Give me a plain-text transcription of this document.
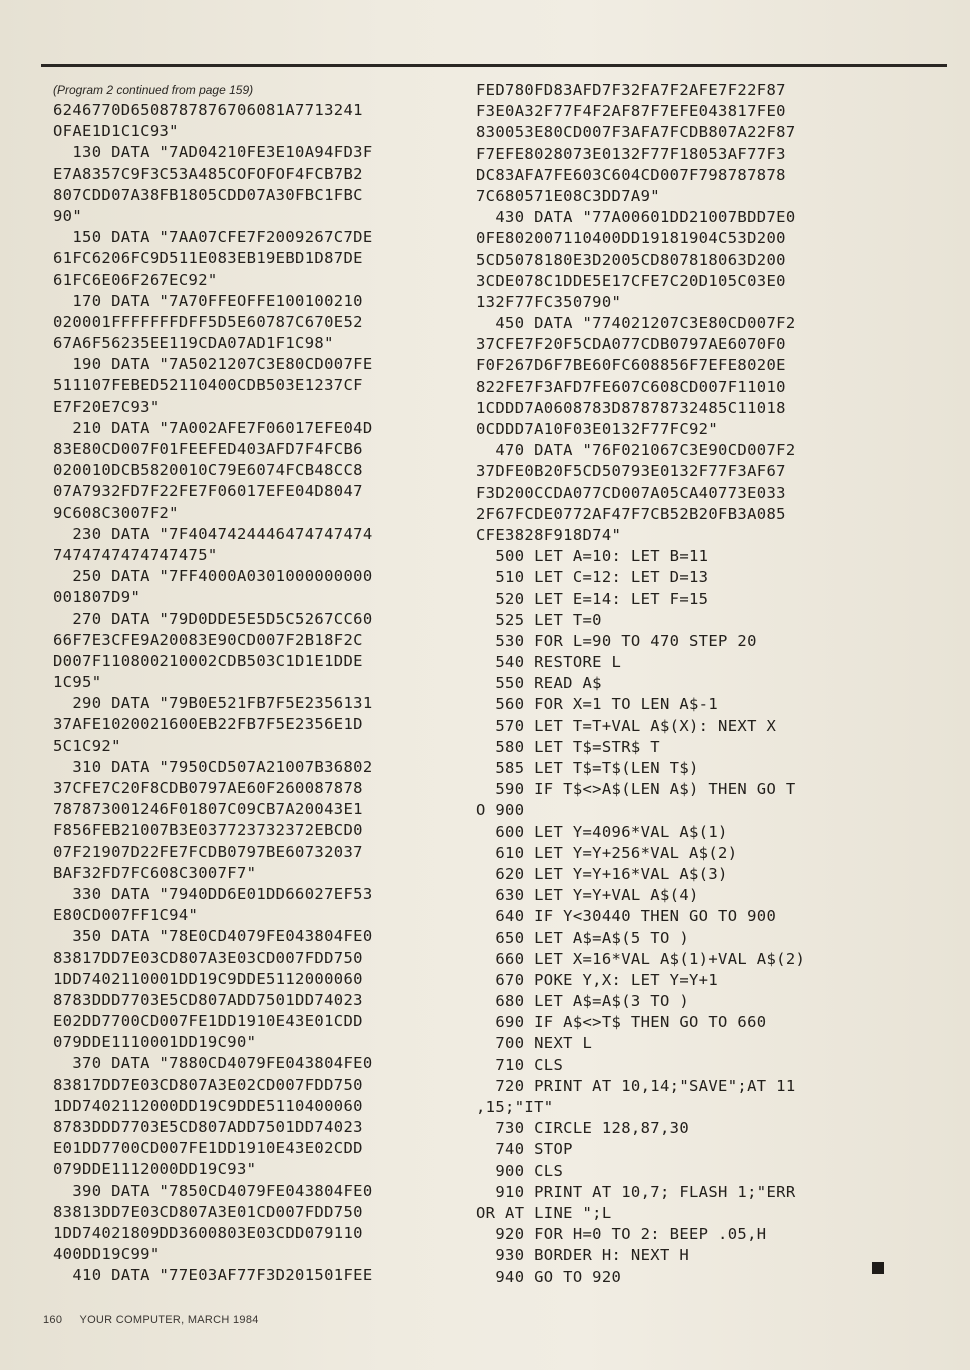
(Program 2 continued from page 159)
6246770D6508787876706081A7713241
OFAE1D1C1C93"
130 DATA "7AD04210FE3E10A94FD3F
E7A8357C9F3C53A485COFOFOF4FCB7B2
807CDD07A38FB1805CDD07A30FBC1FBC
90"
150 DATA "7AA07CFE7F2009267C7DE
61FC6206FC9D511E083EB19EBD1D87DE
61FC6E06F267EC92"
170 DATA "7A70FFEOFFE100100210
020001FFFFFFFDFF5D5E60787C670E52
67A6F56235EE119CDA07AD1F1C98"
190 DATA "7A5021207C3E80CD007FE
511107FEBED52110400CDB503E1237CF
E7F20E7C93"
210 DATA "7A002AFE7F06017EFE04D
83E80CD007F01FEEFED403AFD7F4FCB6
020010DCB5820010C79E6074FCB48CC8
07A7932FD7F22FE7F06017EFE04D8047
9C608C3007F2"
230 DATA "7F4047424446474747474
7474747474747475"
250 DATA "7FF4000A0301000000000
001807D9"
270 DATA "79D0DDE5E5D5C5267CC60
66F7E3CFE9A20083E90CD007F2B18F2C
D007F110800210002CDB503C1D1E1DDE
1C95"
290 DATA "79B0E521FB7F5E2356131
37AFE1020021600EB22FB7F5E2356E1D
5C1C92"
310 DATA "7950CD507A21007B36802
37CFE7C20F8CDB0797AE60F260087878
787873001246F01807C09CB7A20043E1
F856FEB21007B3E037723732372EBCD0
07F21907D22FE7FCDB0797BE60732037
BAF32FD7FC608C3007F7"
330 DATA "7940DD6E01DD66027EF53
E80CD007FF1C94"
350 DATA "78E0CD4079FE043804FE0
83817DD7E03CD807A3E03CD007FDD750
1DD7402110001DD19C9DDE5112000060
8783DDD7703E5CD807ADD7501DD74023
E02DD7700CD007FE1DD1910E43E01CDD
079DDE1110001DD19C90"
370 DATA "7880CD4079FE043804FE0
83817DD7E03CD807A3E02CD007FDD750
1DD7402112000DD19C9DDE5110400060
8783DDD7703E5CD807ADD7501DD74023
E01DD7700CD007FE1DD1910E43E02CDD
079DDE1112000DD19C93"
390 DATA "7850CD4079FE043804FE0
83813DD7E03CD807A3E01CD007FDD750
1DD74021809DD3600803E03CDD079110
400DD19C99"
410 DATA "77E03AF77F3D201501FEE
FED780FD83AFD7F32FA7F2AFE7F22F87
F3E0A32F77F4F2AF87F7EFE043817FE0
830053E80CD007F3AFA7FCDB807A22F87
F7EFE8028073E0132F77F18053AF77F3
DC83AFA7FE603C604CD007F798787878
7C680571E08C3DD7A9"
430 DATA "77A00601DD21007BDD7E0
0FE802007110400DD19181904C53D200
5CD5078180E3D2005CD807818063D200
3CDE078C1DDE5E17CFE7C20D105C03E0
132F77FC350790"
450 DATA "774021207C3E80CD007F2
37CFE7F20F5CDA077CDB0797AE6070F0
F0F267D6F7BE60FC608856F7EFE8020E
822FE7F3AFD7FE607C608CD007F11010
1CDDD7A0608783D87878732485C11018
0CDDD7A10F03E0132F77FC92"
470 DATA "76F021067C3E90CD007F2
37DFE0B20F5CD50793E0132F77F3AF67
F3D200CCDA077CD007A05CA40773E033
2F67FCDE0772AF47F7CB52B20FB3A085
CFE3828F918D74"
500 LET A=10: LET B=11
510 LET C=12: LET D=13
520 LET E=14: LET F=15
525 LET T=0
530 FOR L=90 TO 470 STEP 20
540 RESTORE L
550 READ A$
560 FOR X=1 TO LEN A$-1
570 LET T=T+VAL A$(X): NEXT X
580 LET T$=STR$ T
585 LET T$=T$(LEN T$)
590 IF T$<>A$(LEN A$) THEN GO T
O 900
600 LET Y=4096*VAL A$(1)
610 LET Y=Y+256*VAL A$(2)
620 LET Y=Y+16*VAL A$(3)
630 LET Y=Y+VAL A$(4)
640 IF Y<30440 THEN GO TO 900
650 LET A$=A$(5 TO )
660 LET X=16*VAL A$(1)+VAL A$(2)
670 POKE Y,X: LET Y=Y+1
680 LET A$=A$(3 TO )
690 IF A$<>T$ THEN GO TO 660
700 NEXT L
710 CLS
720 PRINT AT 10,14;"SAVE";AT 11
,15;"IT"
730 CIRCLE 128,87,30
740 STOP
900 CLS
910 PRINT AT 10,7; FLASH 1;"ERR
OR AT LINE ";L
920 FOR H=0 TO 2: BEEP .05,H
930 BORDER H: NEXT H
940 GO TO 920
160 YOUR COMPUTER, MARCH 1984
